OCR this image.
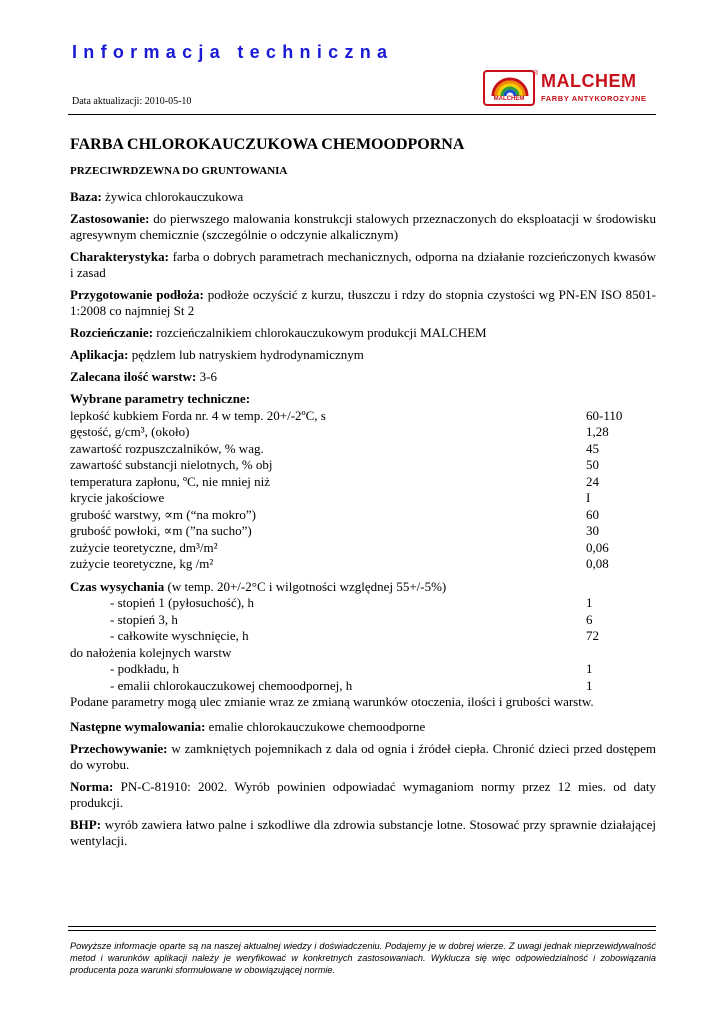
Informacja techniczna
Data aktualizacji: 2010-05-10	MALCHEM
® MALCHEM
FARBY ANTYKOROZYJNE
FARBA CHLOROKAUCZUKOWA CHEMOODPORNA
PRZECIWRDZEWNA DO GRUNTOWANIA

Baza: żywica chlorokauczukowa

Zastosowanie: do pierwszego malowania konstrukcji stalowych przeznaczonych do eksploatacji w środowisku agresywnym chemicznie (szczególnie o odczynie alkalicznym)

Charakterystyka: farba o dobrych parametrach mechanicznych, odporna na działanie rozcieńczonych kwasów i zasad

Przygotowanie podłoża: podłoże oczyścić z kurzu, tłuszczu i rdzy do stopnia czystości wg PN-EN ISO 8501-1:2008 co najmniej St 2

Rozcieńczanie: rozcieńczalnikiem chlorokauczukowym produkcji MALCHEM

Aplikacja: pędzlem lub natryskiem hydrodynamicznym

Zalecana ilość warstw: 3-6

Wybrane parametry techniczne:
lepkość kubkiem Forda nr. 4 w temp. 20+/-2ºC, s	60-110
gęstość, g/cm³, (około)	1,28
zawartość rozpuszczalników, % wag.	45
zawartość substancji nielotnych, % obj	50
temperatura zapłonu, ºC, nie mniej niż	24
krycie jakościowe	I
grubość warstwy, ∝m (“na mokro”)	60
grubość powłoki, ∝m (”na sucho”)	30
zużycie teoretyczne, dm³/m²	0,06
zużycie teoretyczne, kg /m²	0,08
Czas wysychania (w temp. 20+/-2°C i wilgotności względnej 55+/-5%)
- stopień 1 (pyłosuchość), h	1
- stopień 3, h	6
- całkowite wyschnięcie, h	72
do nałożenia kolejnych warstw
- podkładu, h	1
- emalii chlorokauczukowej chemoodpornej, h	1
Podane parametry mogą ulec zmianie wraz ze zmianą warunków otoczenia, ilości i grubości warstw.

Następne wymalowania: emalie chlorokauczukowe chemoodporne

Przechowywanie: w zamkniętych pojemnikach z dala od ognia i źródeł ciepła. Chronić dzieci przed dostępem do wyrobu.

Norma: PN-C-81910: 2002. Wyrób powinien odpowiadać wymaganiom normy przez 12 mies. od daty produkcji.

BHP: wyrób zawiera łatwo palne i szkodliwe dla zdrowia substancje lotne. Stosować przy sprawnie działającej wentylacji.

Powyższe informacje oparte są na naszej aktualnej wiedzy i doświadczeniu. Podajemy je w dobrej wierze. Z uwagi jednak nieprzewidywalność metod i warunków aplikacji należy je weryfikować w konkretnych zastosowaniach. Wyklucza się więc odpowiedzialność i zobowiązania producenta poza warunki sformułowane w obowiązującej normie.
